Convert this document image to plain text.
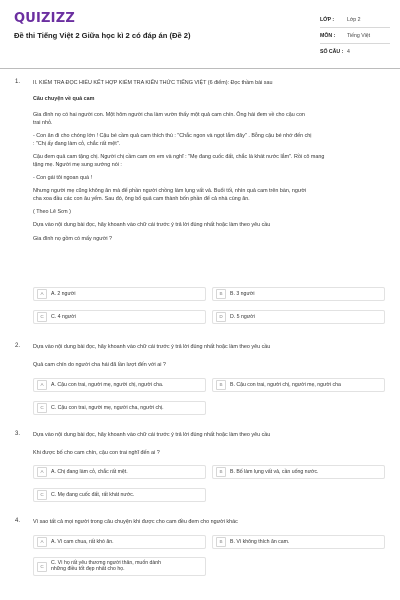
QUIZIZZ
Đề thi Tiếng Việt 2 Giữa học kì 2 có đáp án (Đề 2)
LỚP :	Lớp 2
MÔN :	Tiếng Việt
SỐ CÂU : 4
1. II. KIỂM TRA ĐỌC HIỂU KẾT HỢP KIỂM TRA KIẾN THỨC TIẾNG VIỆT (6 điểm): Đọc thầm bài sau

Câu chuyện về quả cam

Gia đình nọ có hai người con. Một hôm người cha làm vườn thấy một quả cam chín. Ông hái đem về cho cậu con

trai nhỏ.

- Con ăn đi cho chóng lớn ! Cậu bé cầm quả cam thích thú : "Chắc ngon và ngọt lắm đây" . Bỗng cậu bé nhớ đến chị

: "Chị ấy đang làm cỏ, chắc rất mệt".

Cậu đem quả cam tặng chị. Người chị cầm cam ơn em và nghĩ : "Mẹ đang cuốc đất, chắc là khát nước lắm". Rồi cô mang

tặng mẹ. Người mẹ sung sướng nói :

- Con gái tôi ngoan quá !

Nhưng người mẹ cũng không ăn mà để phần người chồng làm lụng vất vả. Buổi tối, nhìn quả cam trên bàn, người

cha xoa đầu các con âu yếm. Sau đó, ông bổ quả cam thành bốn phần để cả nhà cùng ăn.

( Theo Lê Sơn )

Dựa vào nội dung bài đọc, hãy khoanh vào chữ cái trước ý trả lời đúng nhất hoặc làm theo yêu cầu

Gia đình nọ gồm có mấy người ?

A	A. 2 người	B	B. 3 người
C	C. 4 người	D	D. 5 người
2. Dựa vào nội dung bài đọc, hãy khoanh vào chữ cái trước ý trả lời đúng nhất hoặc làm theo yêu cầu

Quả cam chín do người cha hái đã lần lượt đến với ai ?

A	A. Cậu con trai, người mẹ, người chị, người cha.	B	B. Cậu con trai, người chị, người mẹ, người cha
C	C. Cậu con trai, người mẹ, người cha, người chị.
3. Dựa vào nội dung bài đọc, hãy khoanh vào chữ cái trước ý trả lời đúng nhất hoặc làm theo yêu cầu

Khi được bố cho cam chín, cậu con trai nghĩ đến ai ?

A	A. Chị đang làm cỏ, chắc rất mệt.	B	B. Bố làm lụng vất vả, cần uống nước.
C	C. Mẹ đang cuốc đất, rất khát nước.
4. Vì sao tất cả mọi người trong câu chuyện khi được cho cam đều đem cho người khác

A	A. Vì cam chua, rất khó ăn.	B	B. Vì không thích ăn cam.
C
C. Vì họ rất yêu thương người thân, muốn dành
những điều tốt đẹp nhất cho họ.
